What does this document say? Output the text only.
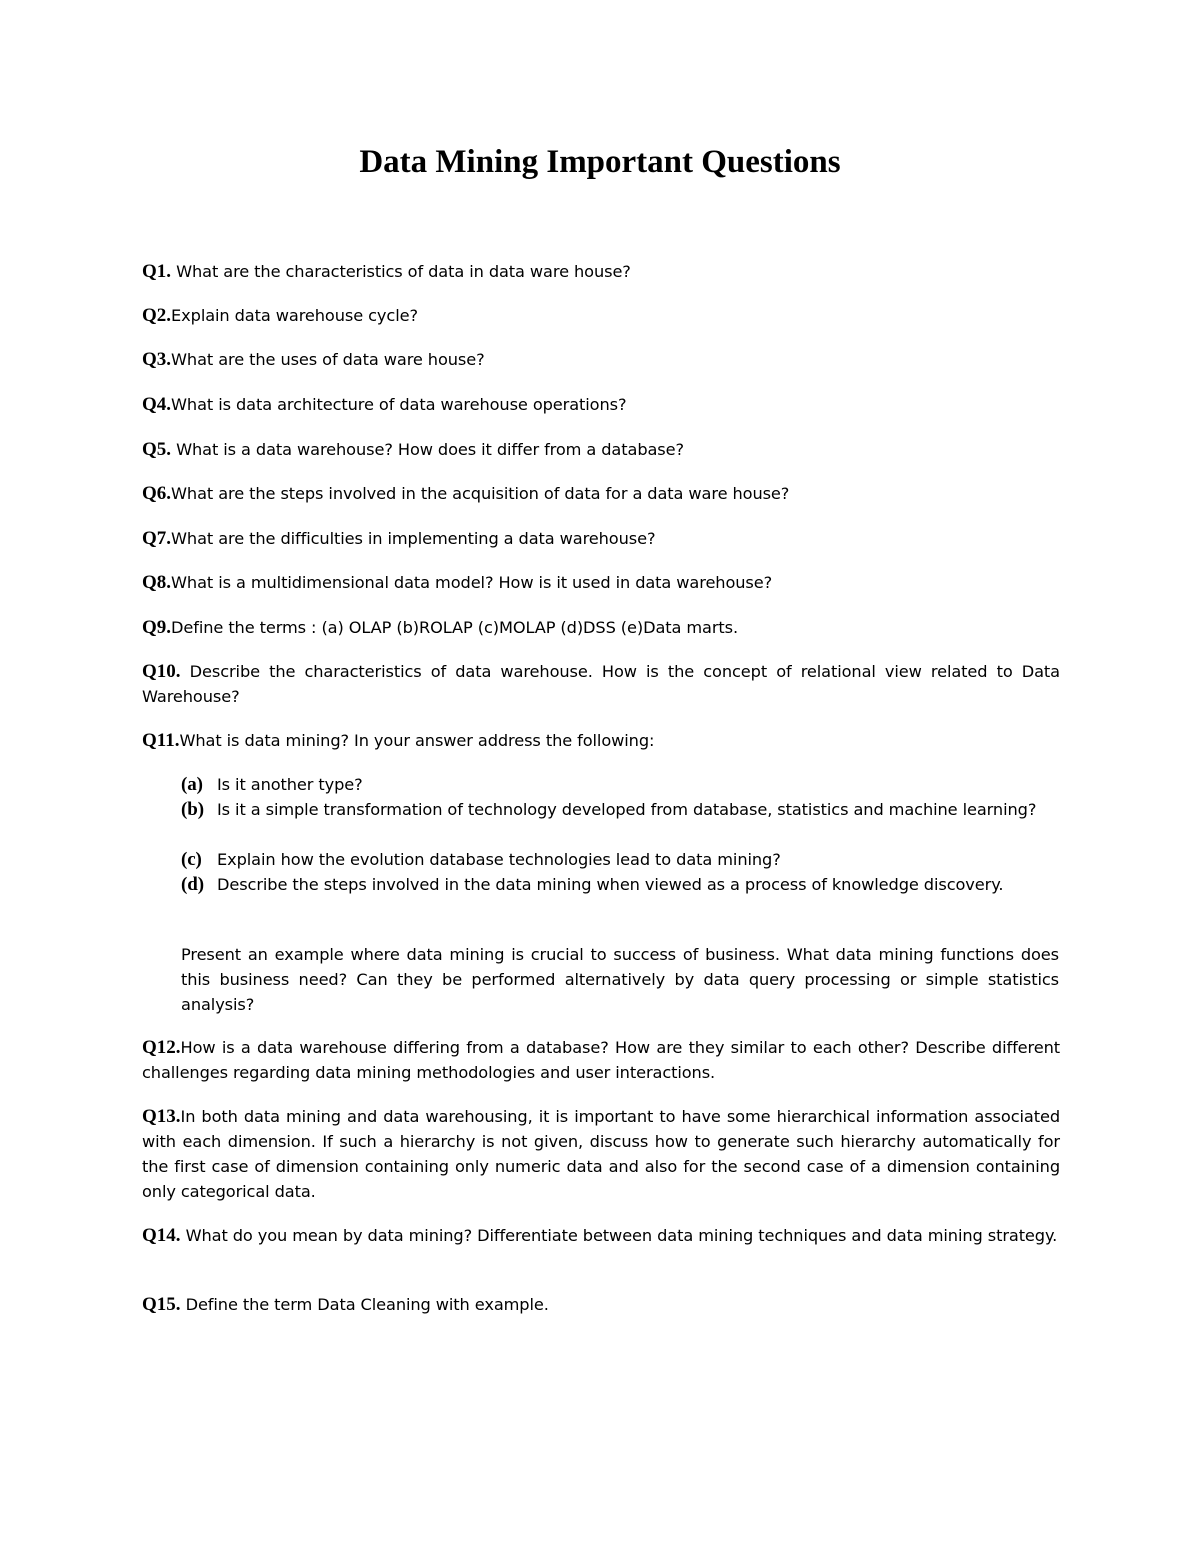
Data Mining Important Questions

Q1. What are the characteristics of data in data ware house?

Q2.Explain data warehouse cycle?

Q3.What are the uses of data ware house?

Q4.What is data architecture of data warehouse operations?

Q5. What is a data warehouse? How does it differ from a database?

Q6.What are the steps involved in the acquisition of data for a data ware house?

Q7.What are the difficulties in implementing a data warehouse?

Q8.What is a multidimensional data model? How is it used in data warehouse?

Q9.Define the terms : (a) OLAP (b)ROLAP (c)MOLAP (d)DSS (e)Data marts.

Q10. Describe the characteristics of data warehouse. How is the concept of relational view related to Data Warehouse?

Q11.What is data mining? In your answer address the following:

(a) Is it another type?
(b) Is it a simple transformation of technology developed from database, statistics and machine learning?
(c) Explain how the evolution database technologies lead to data mining?
(d) Describe the steps involved in the data mining when viewed as a process of knowledge discovery.

Present an example where data mining is crucial to success of business. What data mining functions does this business need? Can they be performed alternatively by data query processing or simple statistics analysis?

Q12.How is a data warehouse differing from a database? How are they similar to each other? Describe different challenges regarding data mining methodologies and user interactions.

Q13.In both data mining and data warehousing, it is important to have some hierarchical information associated with each dimension. If such a hierarchy is not given, discuss how to generate such hierarchy automatically for the first case of dimension containing only numeric data and also for the second case of a dimension containing only categorical data.

Q14. What do you mean by data mining? Differentiate between data mining techniques and data mining strategy.

Q15. Define the term Data Cleaning with example.
